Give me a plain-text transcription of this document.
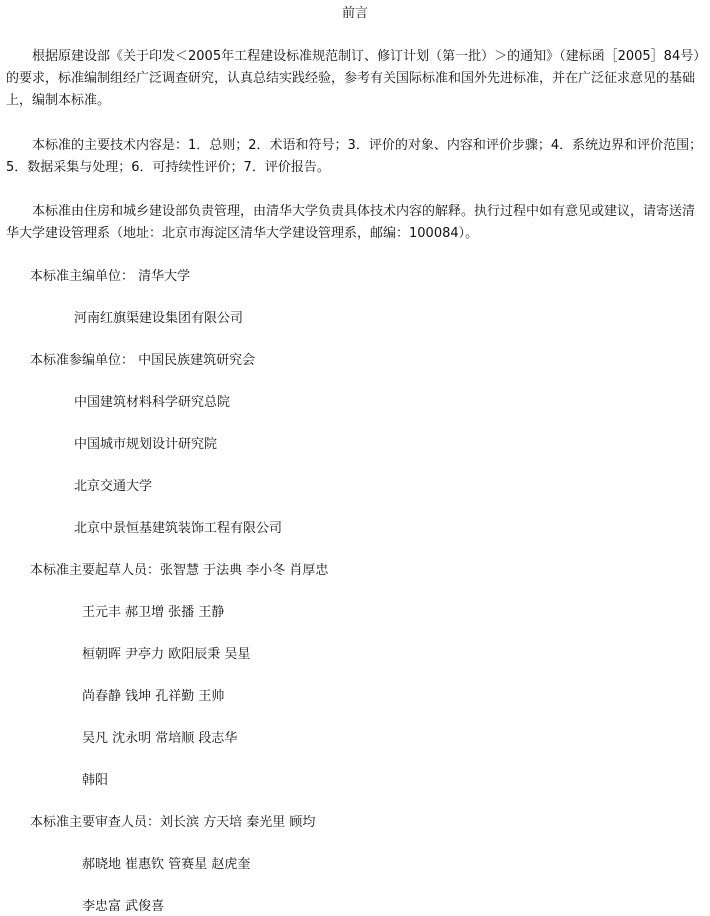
前言
根据原建设部《关于印发＜2005年工程建设标准规范制订、修订计划（第一批）＞的通知》（建标函［2005］84号）的要求，标准编制组经广泛调查研究，认真总结实践经验，参考有关国际标准和国外先进标准，并在广泛征求意见的基础上，编制本标准。
本标准的主要技术内容是：1．总则；2．术语和符号；3．评价的对象、内容和评价步骤；4．系统边界和评价范围；5．数据采集与处理；6．可持续性评价；7．评价报告。
本标准由住房和城乡建设部负责管理，由清华大学负责具体技术内容的解释。执行过程中如有意见或建议，请寄送清华大学建设管理系（地址：北京市海淀区清华大学建设管理系，邮编：100084）。
本标准主编单位： 清华大学
河南红旗渠建设集团有限公司
本标准参编单位： 中国民族建筑研究会
中国建筑材料科学研究总院
中国城市规划设计研究院
北京交通大学
北京中景恒基建筑装饰工程有限公司
本标准主要起草人员：张智慧 于法典 李小冬 肖厚忠
王元丰 郝卫增 张播 王静
桓朝晖 尹亭力 欧阳辰秉 吴星
尚春静 钱坤 孔祥勤 王帅
吴凡 沈永明 常培顺 段志华
韩阳
本标准主要审查人员：刘长滨 方天培 秦光里 顾均
郝晓地 崔惠钦 管赛星 赵虎奎
李忠富 武俊喜
